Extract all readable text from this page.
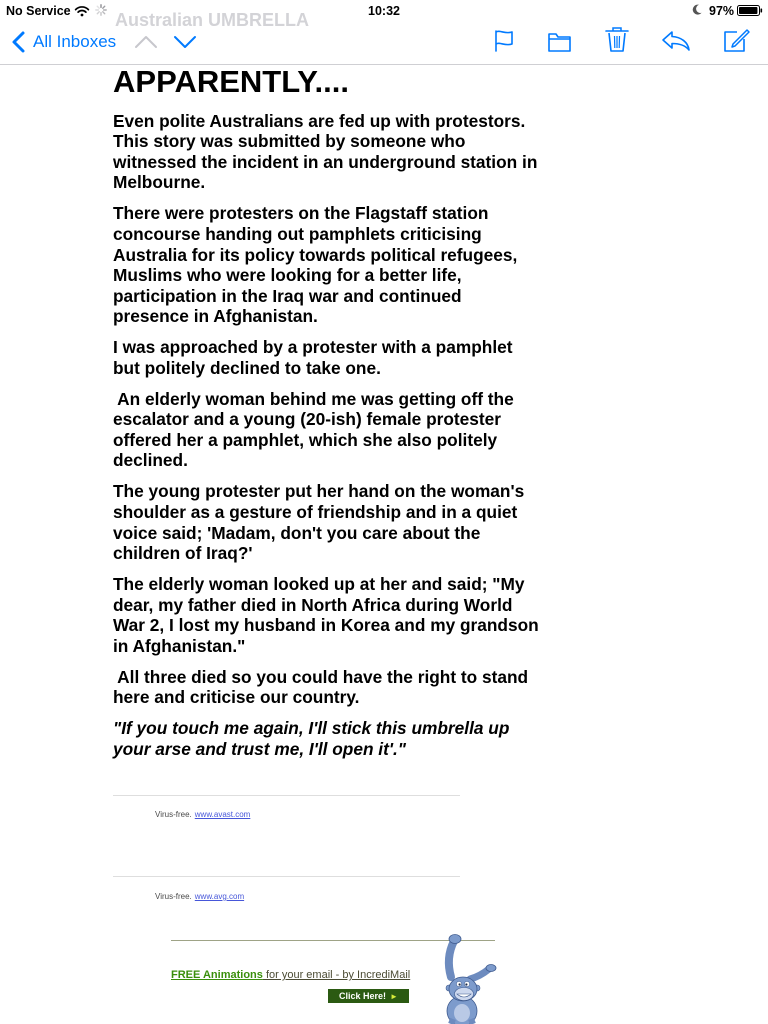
Australian UMBRELLA
No Service	10:32	97%
All Inboxes
APPARENTLY....
Even polite Australians are fed up with protestors.
This story was submitted by someone who
witnessed the incident in an underground station in
Melbourne.
There were protesters on the Flagstaff station
concourse handing out pamphlets criticising
Australia for its policy towards political refugees,
Muslims who were looking for a better life,
participation in the Iraq war and continued
presence in Afghanistan.
I was approached by a protester with a pamphlet
but politely declined to take one.
An elderly woman behind me was getting off the
escalator and a young (20-ish) female protester
offered her a pamphlet, which she also politely
declined.
The young protester put her hand on the woman's
shoulder as a gesture of friendship and in a quiet
voice said; 'Madam, don't you care about the
children of Iraq?'
The elderly woman looked up at her and said; "My
dear, my father died in North Africa during World
War 2, I lost my husband in Korea and my grandson
in Afghanistan."
All three died so you could have the right to stand
here and criticise our country.
"If you touch me again, I'll stick this umbrella up
your arse and trust me, I'll open it'."
Virus-free. www.avast.com
Virus-free. www.avg.com
FREE Animations for your email - by IncrediMail
Click Here! ►
